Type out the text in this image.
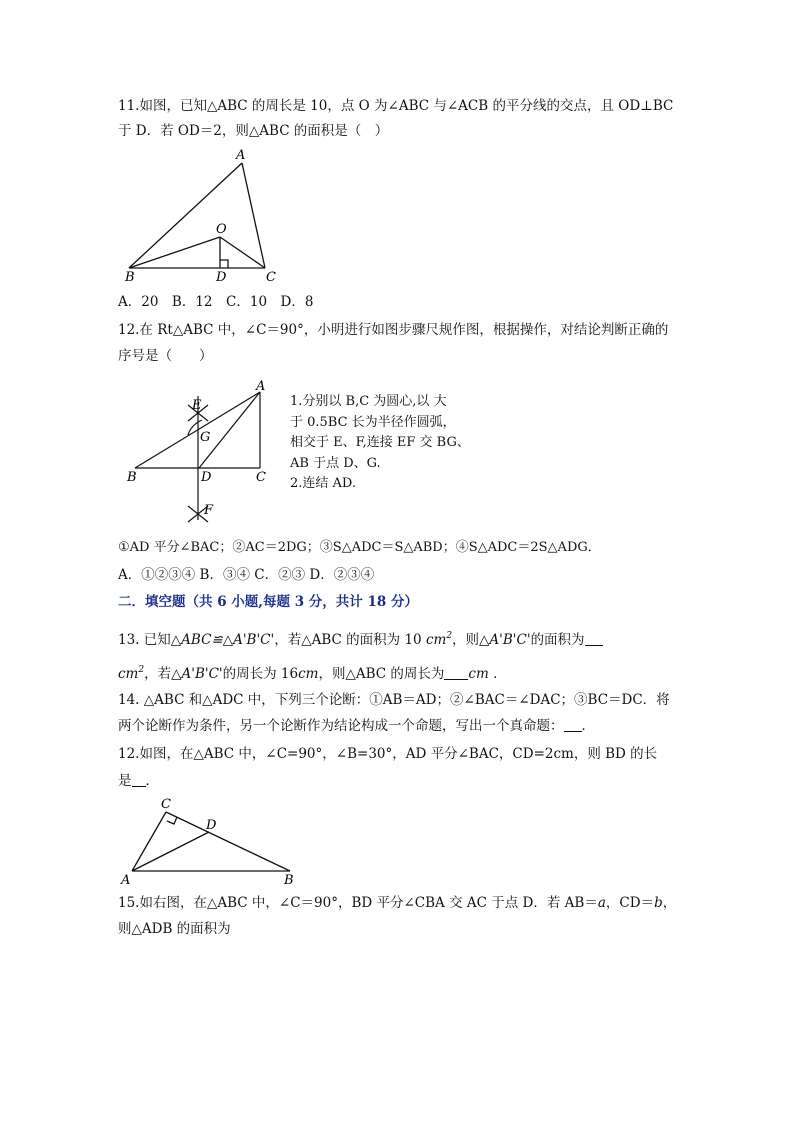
11.如图，已知△ABC 的周长是 10，点 O 为∠ABC 与∠ACB 的平分线的交点，且 OD⊥BC
于 D．若 OD＝2，则△ABC 的面积是（　）
A
O
B	D	C
A．20　B．12　C．10　D．8
12.在 Rt△ABC 中，∠C＝90°，小明进行如图步骤尺规作图，根据操作，对结论判断正确的
序号是（　　）
A
E
G
B	D	C
F
1.分别以 B,C 为圆心,以 大
于 0.5BC 长为半径作圆弧，
相交于 E、F,连接 EF 交 BG、
AB 于点 D、G.
2.连结 AD.
①AD 平分∠BAC；②AC＝2DG；③S△ADC＝S△ABD；④S△ADC＝2S△ADG．
A．①②③④ B．③④ C．②③ D．②③④
二．填空题（共 6 小题,每题 3 分，共计 18 分）
13. 已知△ABC≌△A'B'C'，若△ABC 的面积为 10 $cm^2$，则△A'B'C'的面积为
$cm^2$，若△A'B'C'的周长为 16cm，则△ABC 的周长为 cm ．
14. △ABC 和△ADC 中，下列三个论断：①AB＝AD；②∠BAC＝∠DAC；③BC＝DC．将
两个论断作为条件，另一个论断作为结论构成一个命题，写出一个真命题： ．
12.如图，在△ABC 中，∠C=90°，∠B=30°，AD 平分∠BAC，CD=2cm，则 BD 的长
是 ．
C
D
A	B
15.如右图，在△ABC 中，∠C＝90°，BD 平分∠CBA 交 AC 于点 D．若 AB＝a，CD＝b，
则△ADB 的面积为
